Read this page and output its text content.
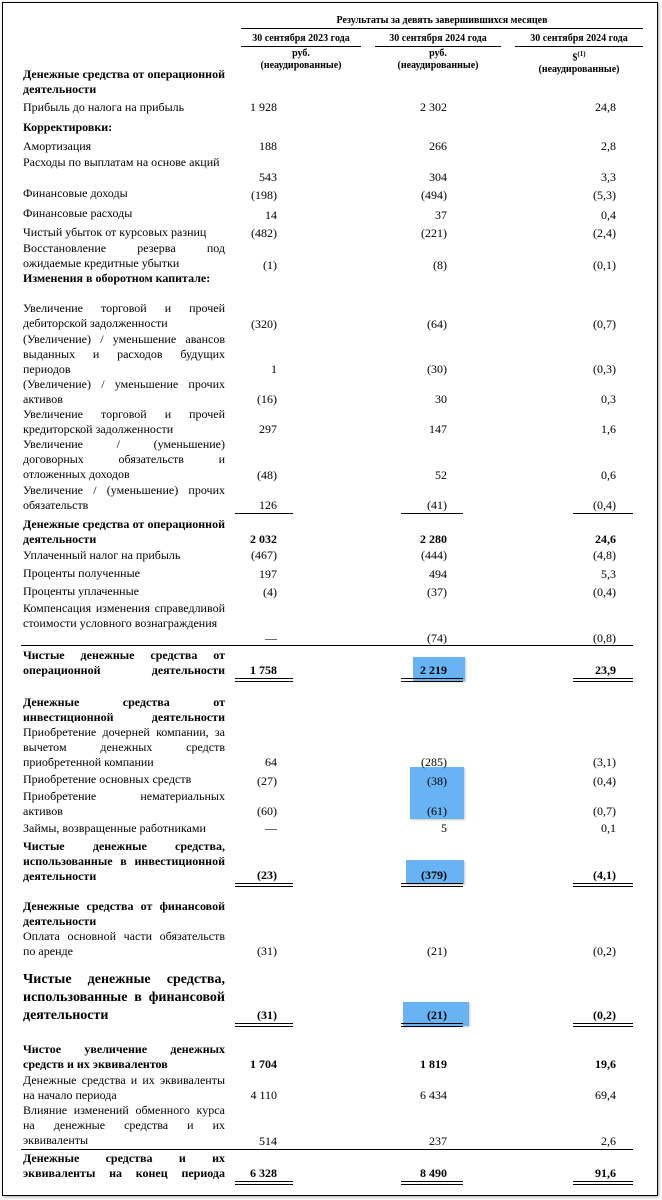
Результаты за девять завершившихся месяцев
30 сентября 2023 года
руб.
(неаудированные)
30 сентября 2024 года
руб.
(неаудированные)
30 сентября 2024 года
\$$^{(1)}$
(неаудированные)
Денежные средства от операционной деятельности
Прибыль до налога на прибыль	1 928	2 302	24,8
Корректировки:
Амортизация	188	266	2,8
Расходы по выплатам на основе акций
543	304	3,3
Финансовые доходы	(198)	(494)	(5,3)
Финансовые расходы	14	37	0,4
Чистый убыток от курсовых разниц	(482)	(221)	(2,4)
Восстановление резерва под ожидаемые кредитные убытки	(1)	(8)	(0,1)
Изменения в оборотном капитале:
Увеличение торговой и прочей дебиторской задолженности	(320)	(64)	(0,7)
(Увеличение) / уменьшение авансов выданных и расходов будущих периодов	1	(30)	(0,3)
(Увеличение) / уменьшение прочих активов	(16)	30	0,3
Увеличение торговой и прочей кредиторской задолженности	297	147	1,6
Увеличение / (уменьшение) договорных обязательств и отложенных доходов	(48)	52	0,6
Увеличение / (уменьшение) прочих обязательств	126	(41)	(0,4)
Денежные средства от операционной деятельности	2 032	2 280	24,6
Уплаченный налог на прибыль	(467)	(444)	(4,8)
Проценты полученные	197	494	5,3
Проценты уплаченные	(4)	(37)	(0,4)
Компенсация изменения справедливой стоимости условного вознаграждения
—	(74)	(0,8)
Чистые денежные средства от операционной деятельности 1 758	2 219	23,9
Денежные средства от инвестиционной деятельности
Приобретение дочерней компании, за вычетом денежных средств приобретенной компании	64	(285)	(3,1)
Приобретение основных средств	(27)	(38)	(0,4)
Приобретение нематериальных активов	(60)	(61)	(0,7)
Займы, возвращенные работниками	—	5	0,1
Чистые денежные средства, использованные в инвестиционной деятельности	(23)	(379)	(4,1)
Денежные средства от финансовой деятельности
Оплата основной части обязательств по аренде	(31)	(21)	(0,2)
Чистые денежные средства, использованные в финансовой деятельности	(31)	(21)	(0,2)
Чистое увеличение денежных средств и их эквивалентов	1 704	1 819	19,6
Денежные средства и их эквиваленты на начало периода	4 110	6 434	69,4
Влияние изменений обменного курса на денежные средства и их эквиваленты	514	237	2,6
Денежные средства и их эквиваленты на конец периода 6 328	8 490	91,6
